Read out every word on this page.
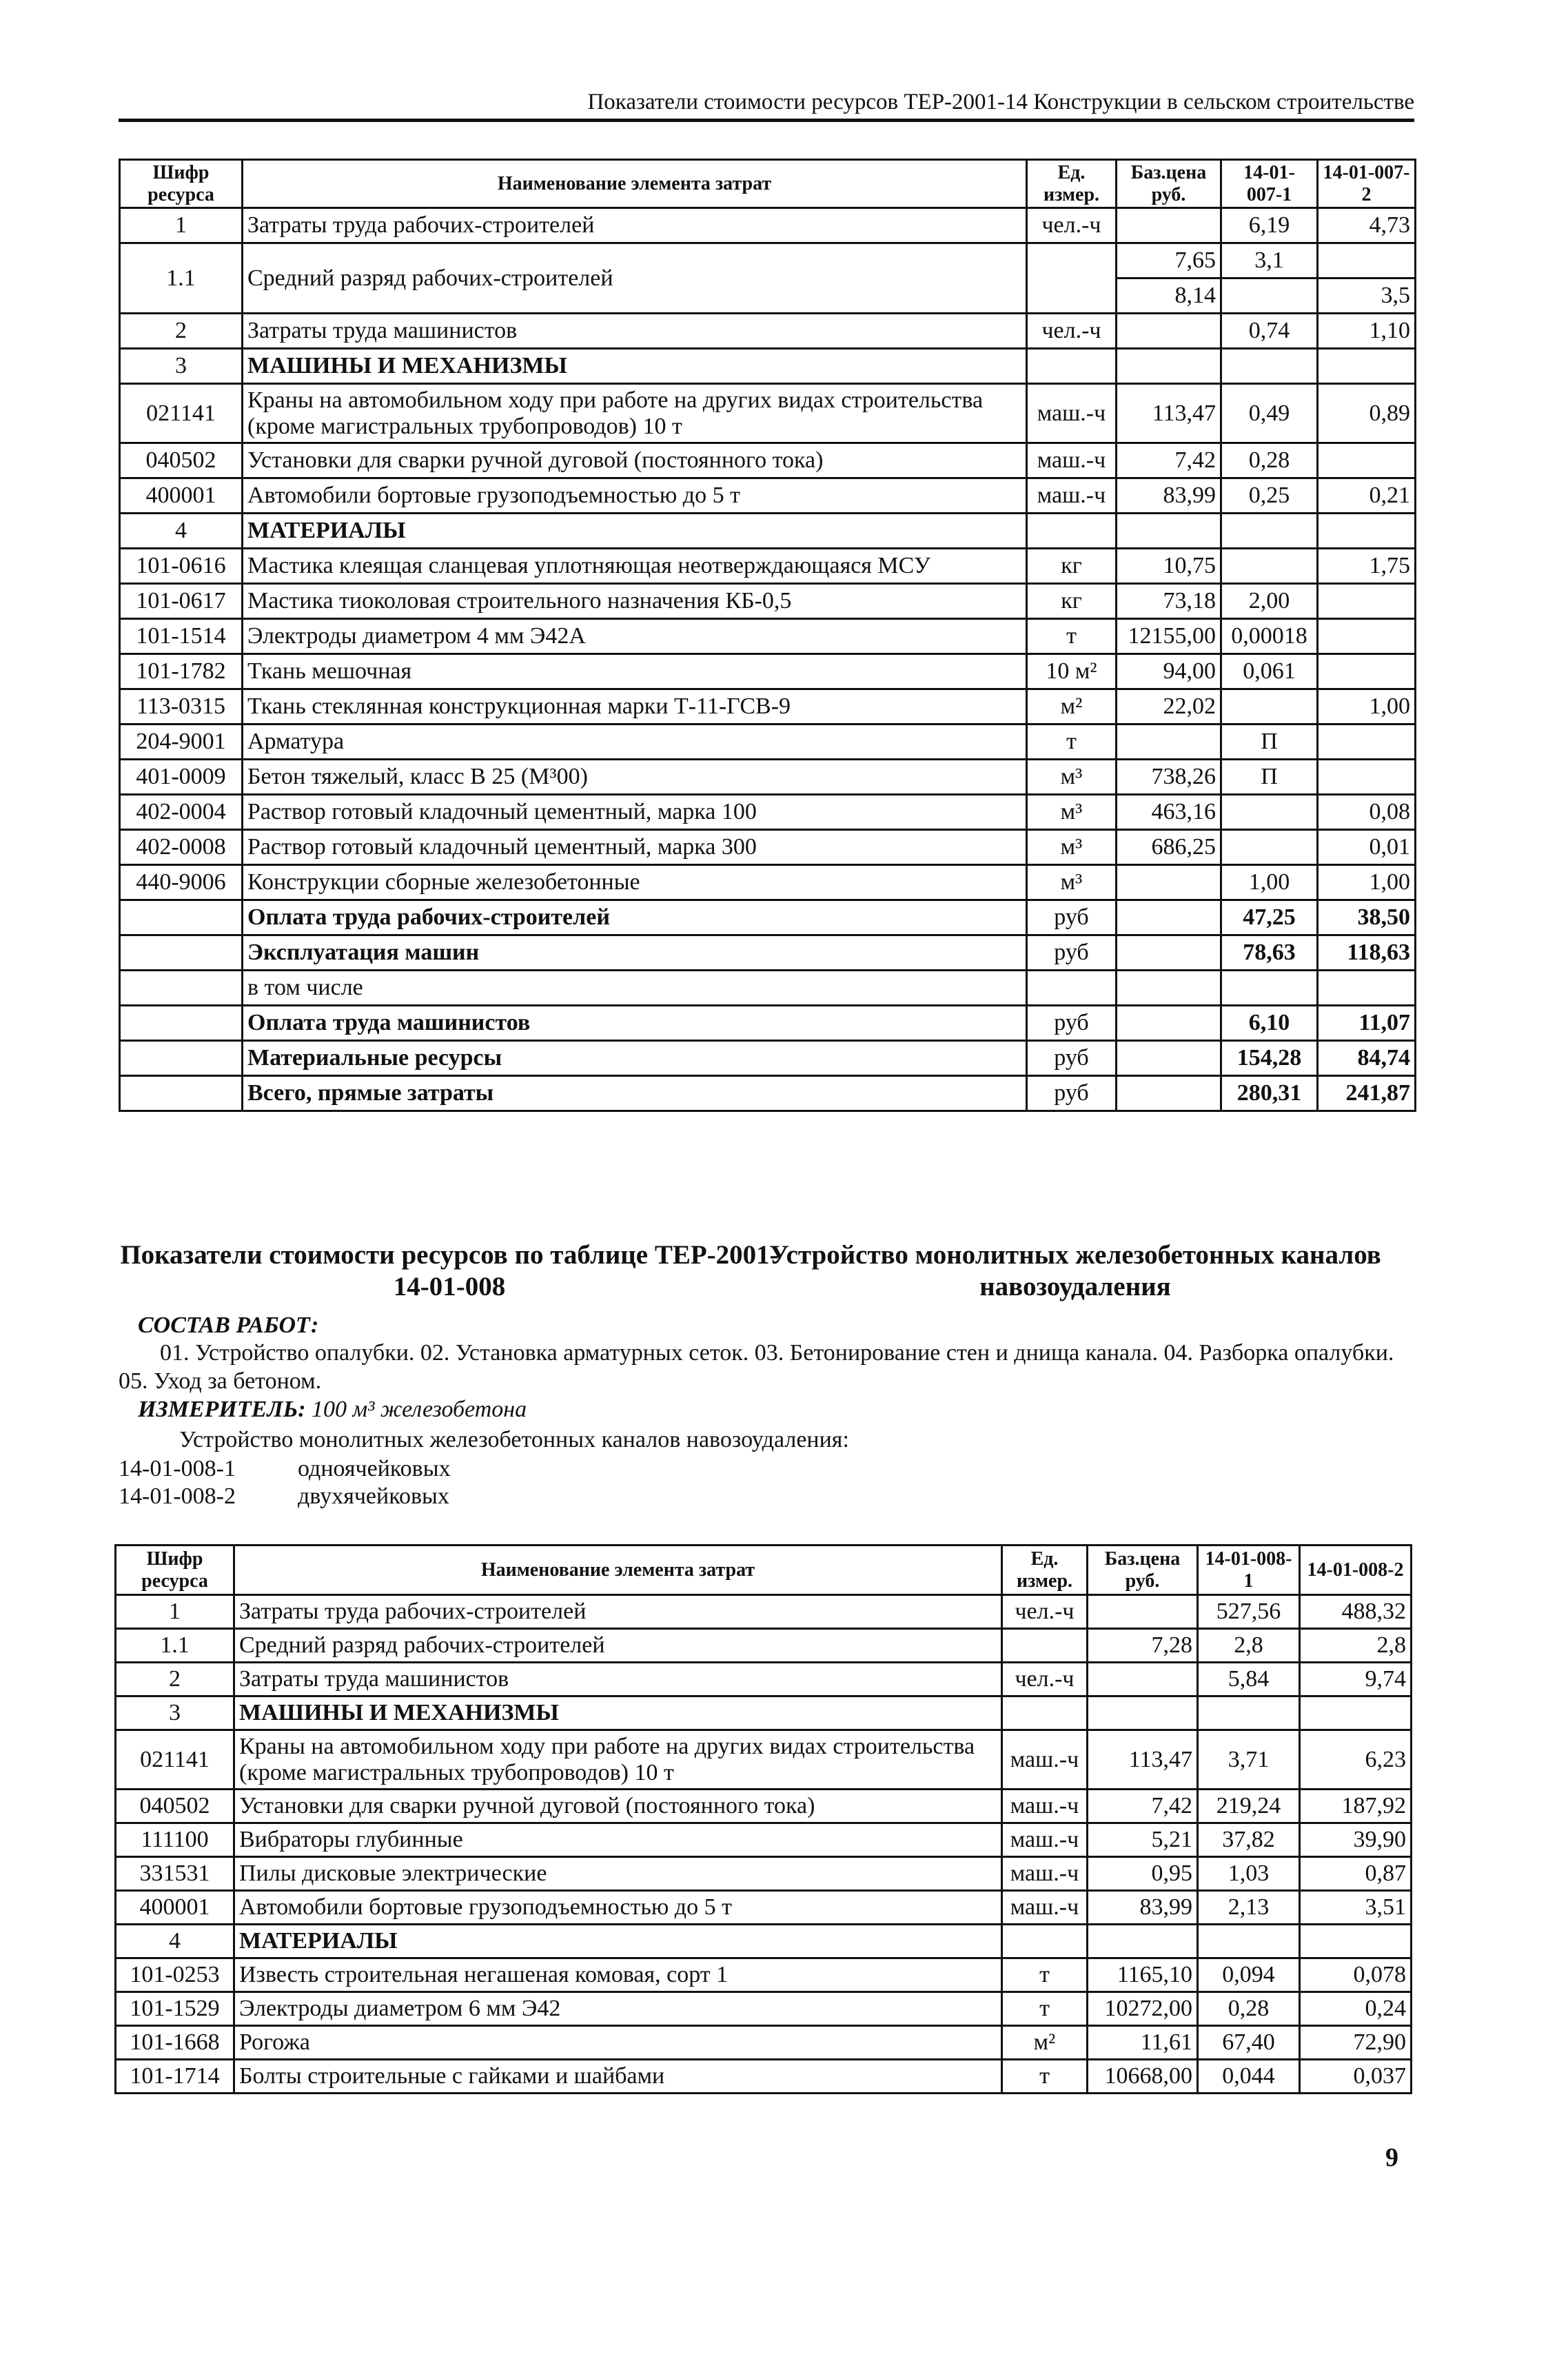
Показатели стоимости ресурсов ТЕР-2001-14 Конструкции в сельском строительстве
Шифр ресурса	Наименование элемента затрат	Ед. измер.	Баз.цена руб.	14-01-007-1	14-01-007-2
1	Затраты труда рабочих-строителей	чел.-ч		6,19	4,73
1.1	Средний разряд рабочих-строителей		7,65	3,1	
			8,14		3,5
2	Затраты труда машинистов	чел.-ч		0,74	1,10
3	МАШИНЫ И МЕХАНИЗМЫ				
021141	Краны на автомобильном ходу при работе на других видах строительства (кроме магистральных трубопроводов) 10 т	маш.-ч	113,47	0,49	0,89
040502	Установки для сварки ручной дуговой (постоянного тока)	маш.-ч	7,42	0,28	
400001	Автомобили бортовые грузоподъемностью до 5 т	маш.-ч	83,99	0,25	0,21
4	МАТЕРИАЛЫ				
101-0616	Мастика клеящая сланцевая уплотняющая неотверждающаяся МСУ	кг	10,75		1,75
101-0617	Мастика тиоколовая строительного назначения КБ-0,5	кг	73,18	2,00	
101-1514	Электроды диаметром 4 мм Э42А	т	12155,00	0,00018	
101-1782	Ткань мешочная	10 м²	94,00	0,061	
113-0315	Ткань стеклянная конструкционная марки Т-11-ГСВ-9	м²	22,02		1,00
204-9001	Арматура	т		П	
401-0009	Бетон тяжелый, класс В 25 (М³00)	м³	738,26	П	
402-0004	Раствор готовый кладочный цементный, марка 100	м³	463,16		0,08
402-0008	Раствор готовый кладочный цементный, марка 300	м³	686,25		0,01
440-9006	Конструкции сборные железобетонные	м³		1,00	1,00
	Оплата труда рабочих-строителей	руб		47,25	38,50
	Эксплуатация машин	руб		78,63	118,63
	в том числе				
	Оплата труда машинистов	руб		6,10	11,07
	Материальные ресурсы	руб		154,28	84,74
	Всего, прямые затраты	руб		280,31	241,87
Показатели стоимости ресурсов по таблице ТЕР-2001-14-01-008
Устройство монолитных железобетонных каналов навозоудаления
СОСТАВ РАБОТ:
01. Устройство опалубки. 02. Установка арматурных сеток. 03. Бетонирование стен и днища канала. 04. Разборка опалубки. 05. Уход за бетоном.
ИЗМЕРИТЕЛЬ: 100 м³ железобетона
Устройство монолитных железобетонных каналов навозоудаления:
14-01-008-1	одноячейковых
14-01-008-2	двухячейковых
Шифр ресурса	Наименование элемента затрат	Ед. измер.	Баз.цена руб.	14-01-008-1	14-01-008-2
1	Затраты труда рабочих-строителей	чел.-ч		527,56	488,32
1.1	Средний разряд рабочих-строителей		7,28	2,8	2,8
2	Затраты труда машинистов	чел.-ч		5,84	9,74
3	МАШИНЫ И МЕХАНИЗМЫ				
021141	Краны на автомобильном ходу при работе на других видах строительства (кроме магистральных трубопроводов) 10 т	маш.-ч	113,47	3,71	6,23
040502	Установки для сварки ручной дуговой (постоянного тока)	маш.-ч	7,42	219,24	187,92
111100	Вибраторы глубинные	маш.-ч	5,21	37,82	39,90
331531	Пилы дисковые электрические	маш.-ч	0,95	1,03	0,87
400001	Автомобили бортовые грузоподъемностью до 5 т	маш.-ч	83,99	2,13	3,51
4	МАТЕРИАЛЫ				
101-0253	Известь строительная негашеная комовая, сорт 1	т	1165,10	0,094	0,078
101-1529	Электроды диаметром 6 мм Э42	т	10272,00	0,28	0,24
101-1668	Рогожа	м²	11,61	67,40	72,90
101-1714	Болты строительные с гайками и шайбами	т	10668,00	0,044	0,037
9
